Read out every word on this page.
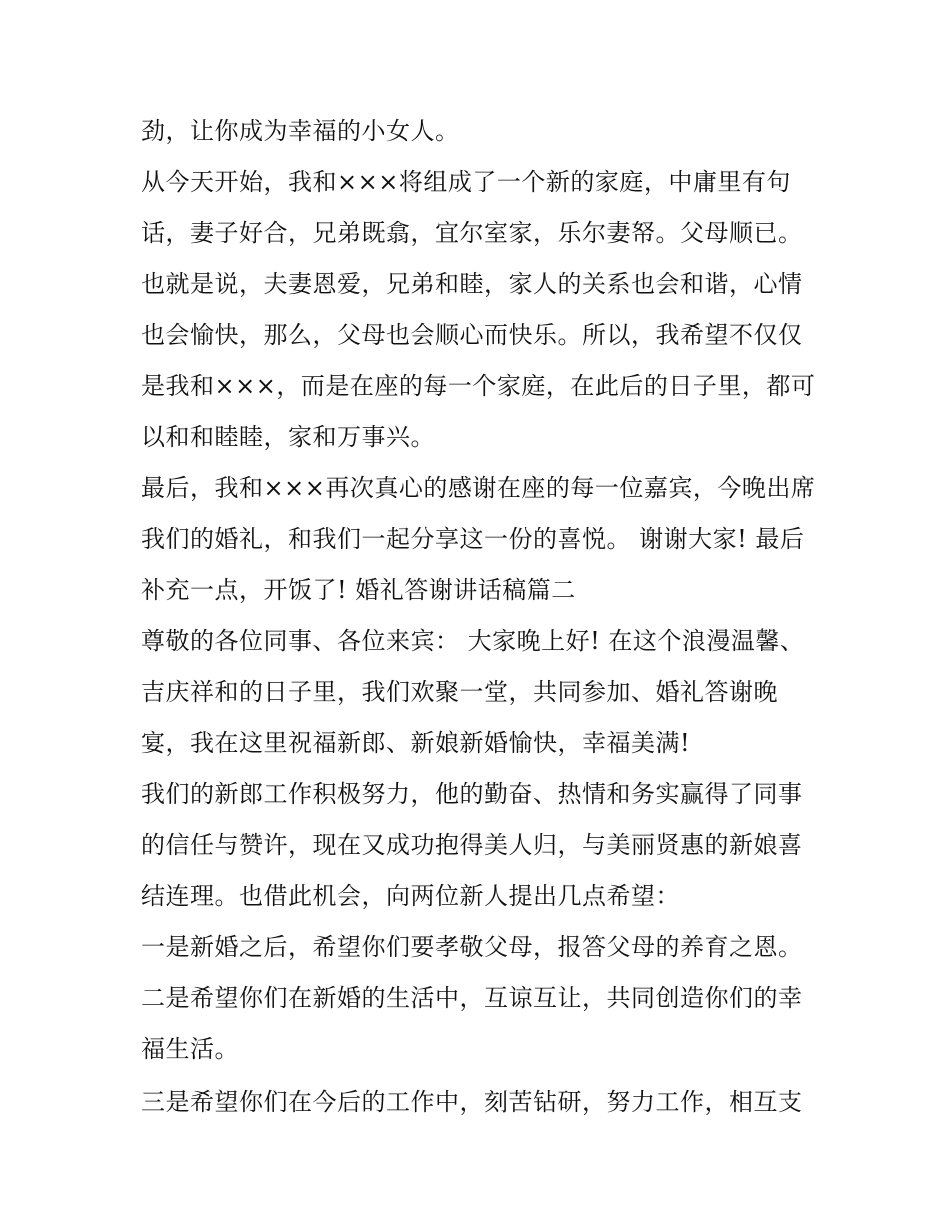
劲，让你成为幸福的小女人。
从今天开始，我和×××将组成了一个新的家庭，中庸里有句
话，妻子好合，兄弟既翕，宜尔室家，乐尔妻帑。父母顺已。
也就是说，夫妻恩爱，兄弟和睦，家人的关系也会和谐，心情
也会愉快，那么，父母也会顺心而快乐。所以，我希望不仅仅
是我和×××，而是在座的每一个家庭，在此后的日子里，都可
以和和睦睦，家和万事兴。
最后，我和×××再次真心的感谢在座的每一位嘉宾，今晚出席
我们的婚礼，和我们一起分享这一份的喜悦。 谢谢大家! 最后
补充一点，开饭了! 婚礼答谢讲话稿篇二
尊敬的各位同事、各位来宾： 大家晚上好! 在这个浪漫温馨、
吉庆祥和的日子里，我们欢聚一堂，共同参加、婚礼答谢晚
宴，我在这里祝福新郎、新娘新婚愉快，幸福美满!
我们的新郎工作积极努力，他的勤奋、热情和务实赢得了同事
的信任与赞许，现在又成功抱得美人归，与美丽贤惠的新娘喜
结连理。也借此机会，向两位新人提出几点希望：
一是新婚之后，希望你们要孝敬父母，报答父母的养育之恩。
二是希望你们在新婚的生活中，互谅互让，共同创造你们的幸
福生活。
三是希望你们在今后的工作中，刻苦钻研，努力工作，相互支
